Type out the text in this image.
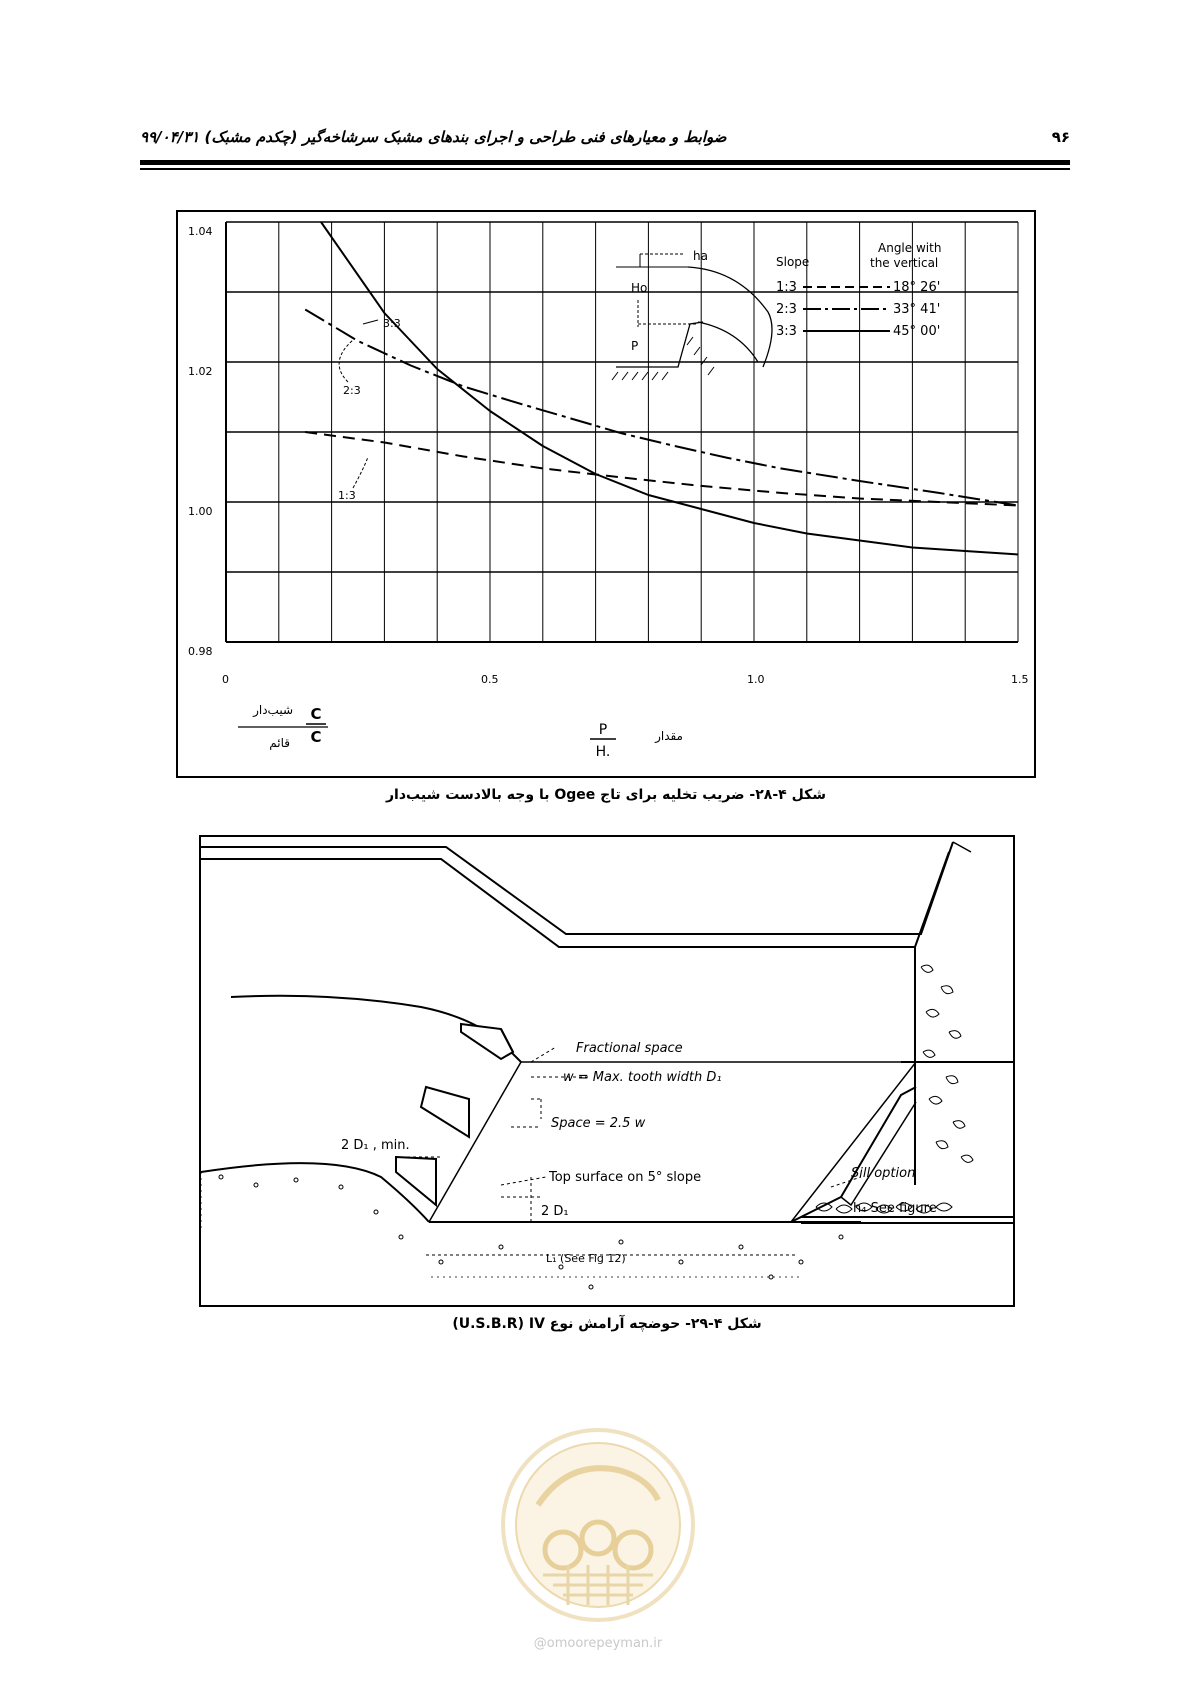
ضوابط و معیارهای فنی طراحی و اجرای بندهای مشبک سرشاخه‌گیر (چکدم مشبک) ۹۹/۰۴/۳۱	۹۶
1.04
1.02
1.00
0.98
0	0.5	1.0	1.5
3:3
2:3
1:3
ha
Ho
P
Slope
Angle with
the vertical
1:3	18° 26'
2:3	33° 41'
3:3	45° 00'
شیب‌دار
قائم
C
C	P
H.
مقدار
شکل ۴-۲۸- ضریب تخلیه برای تاج Ogee با وجه بالادست شیب‌دار
Fractional space
w = Max. tooth width D₁
Space = 2.5 w
2 D₁ , min.
Top surface on 5° slope
2 D₁
Sill option
h₄ See figure
L₁ (See Fig 12)
شکل ۴-۲۹- حوضچه آرامش نوع U.S.B.R) IV)
@omoorepeyman.ir
